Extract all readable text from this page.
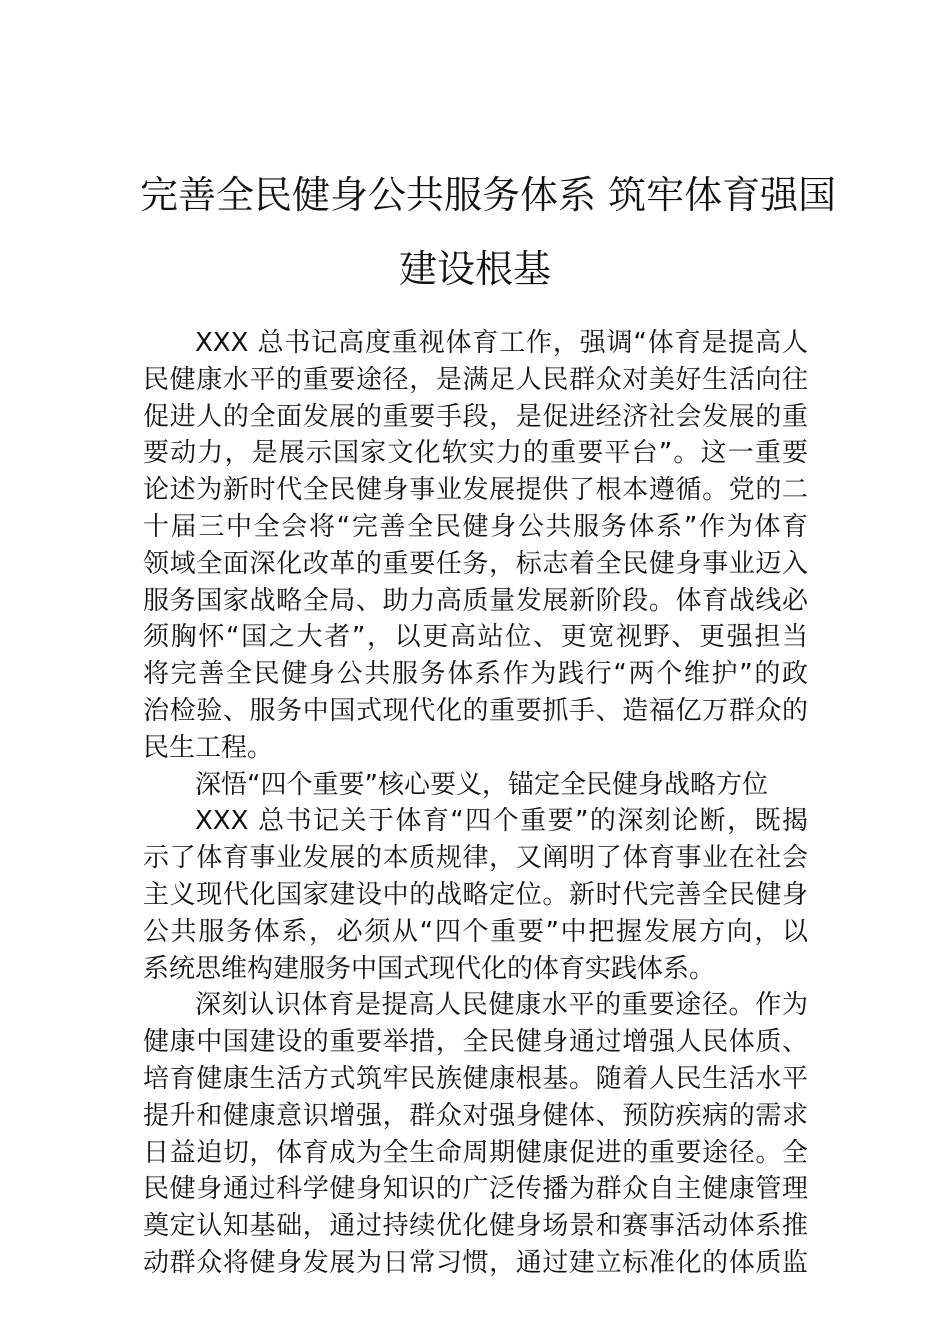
完善全民健身公共服务体系 筑牢体育强国
建设根基
XXX 总书记高度重视体育工作，强调“体育是提高人
民健康水平的重要途径，是满足人民群众对美好生活向往
促进人的全面发展的重要手段，是促进经济社会发展的重
要动力，是展示国家文化软实力的重要平台”。这一重要
论述为新时代全民健身事业发展提供了根本遵循。党的二
十届三中全会将“完善全民健身公共服务体系”作为体育
领域全面深化改革的重要任务，标志着全民健身事业迈入
服务国家战略全局、助力高质量发展新阶段。体育战线必
须胸怀“国之大者”，以更高站位、更宽视野、更强担当
将完善全民健身公共服务体系作为践行“两个维护”的政
治检验、服务中国式现代化的重要抓手、造福亿万群众的
民生工程。
深悟“四个重要”核心要义，锚定全民健身战略方位
XXX 总书记关于体育“四个重要”的深刻论断，既揭
示了体育事业发展的本质规律，又阐明了体育事业在社会
主义现代化国家建设中的战略定位。新时代完善全民健身
公共服务体系，必须从“四个重要”中把握发展方向，以
系统思维构建服务中国式现代化的体育实践体系。
深刻认识体育是提高人民健康水平的重要途径。作为
健康中国建设的重要举措，全民健身通过增强人民体质、
培育健康生活方式筑牢民族健康根基。随着人民生活水平
提升和健康意识增强，群众对强身健体、预防疾病的需求
日益迫切，体育成为全生命周期健康促进的重要途径。全
民健身通过科学健身知识的广泛传播为群众自主健康管理
奠定认知基础，通过持续优化健身场景和赛事活动体系推
动群众将健身发展为日常习惯，通过建立标准化的体质监
